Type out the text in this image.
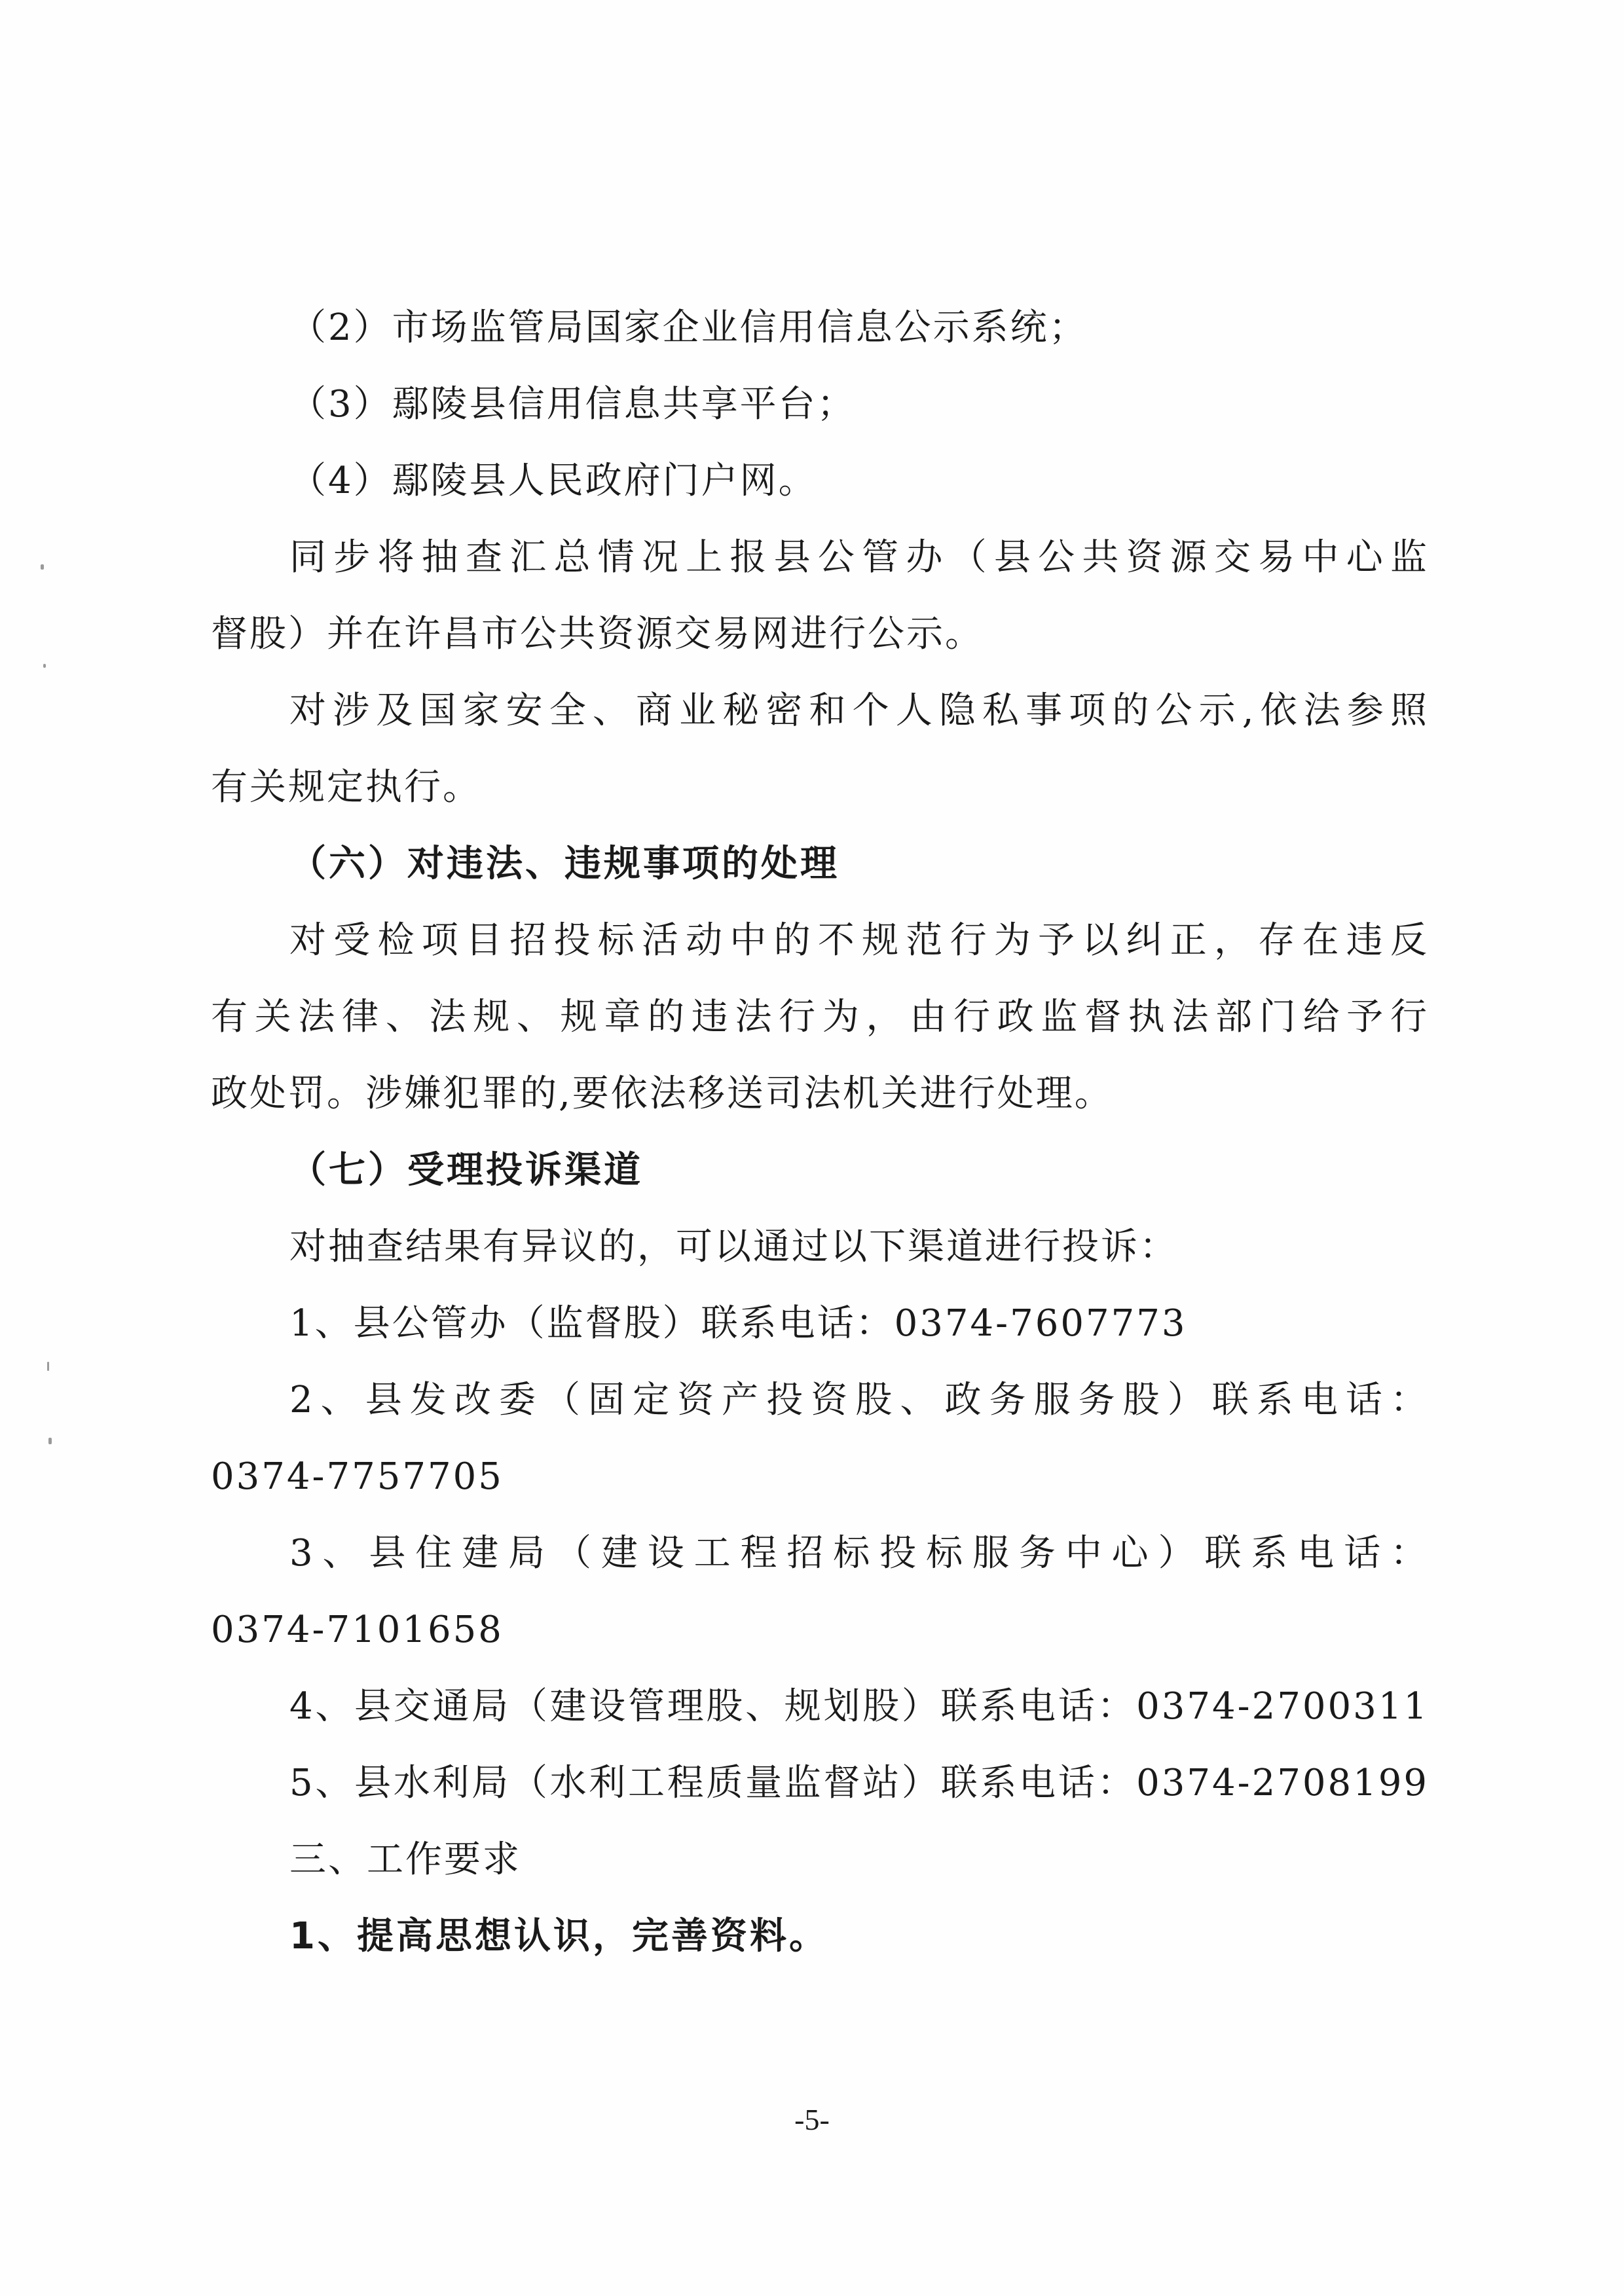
（2）市场监管局国家企业信用信息公示系统；
（3）鄢陵县信用信息共享平台；
（4）鄢陵县人民政府门户网。
同步将抽查汇总情况上报县公管办（县公共资源交易中心监
督股）并在许昌市公共资源交易网进行公示。
对涉及国家安全、商业秘密和个人隐私事项的公示,依法参照
有关规定执行。
（六）对违法、违规事项的处理
对受检项目招投标活动中的不规范行为予以纠正，存在违反
有关法律、法规、规章的违法行为，由行政监督执法部门给予行
政处罚。涉嫌犯罪的,要依法移送司法机关进行处理。
（七）受理投诉渠道
对抽查结果有异议的，可以通过以下渠道进行投诉：
1、县公管办（监督股）联系电话：0374-7607773
2、县发改委（固定资产投资股、政务服务股）联系电话：
0374-7757705
3、县住建局（建设工程招标投标服务中心）联系电话：
0374-7101658
4、县交通局（建设管理股、规划股）联系电话：0374-2700311
5、县水利局（水利工程质量监督站）联系电话：0374-2708199
三、工作要求
1、提高思想认识，完善资料。
-5-
